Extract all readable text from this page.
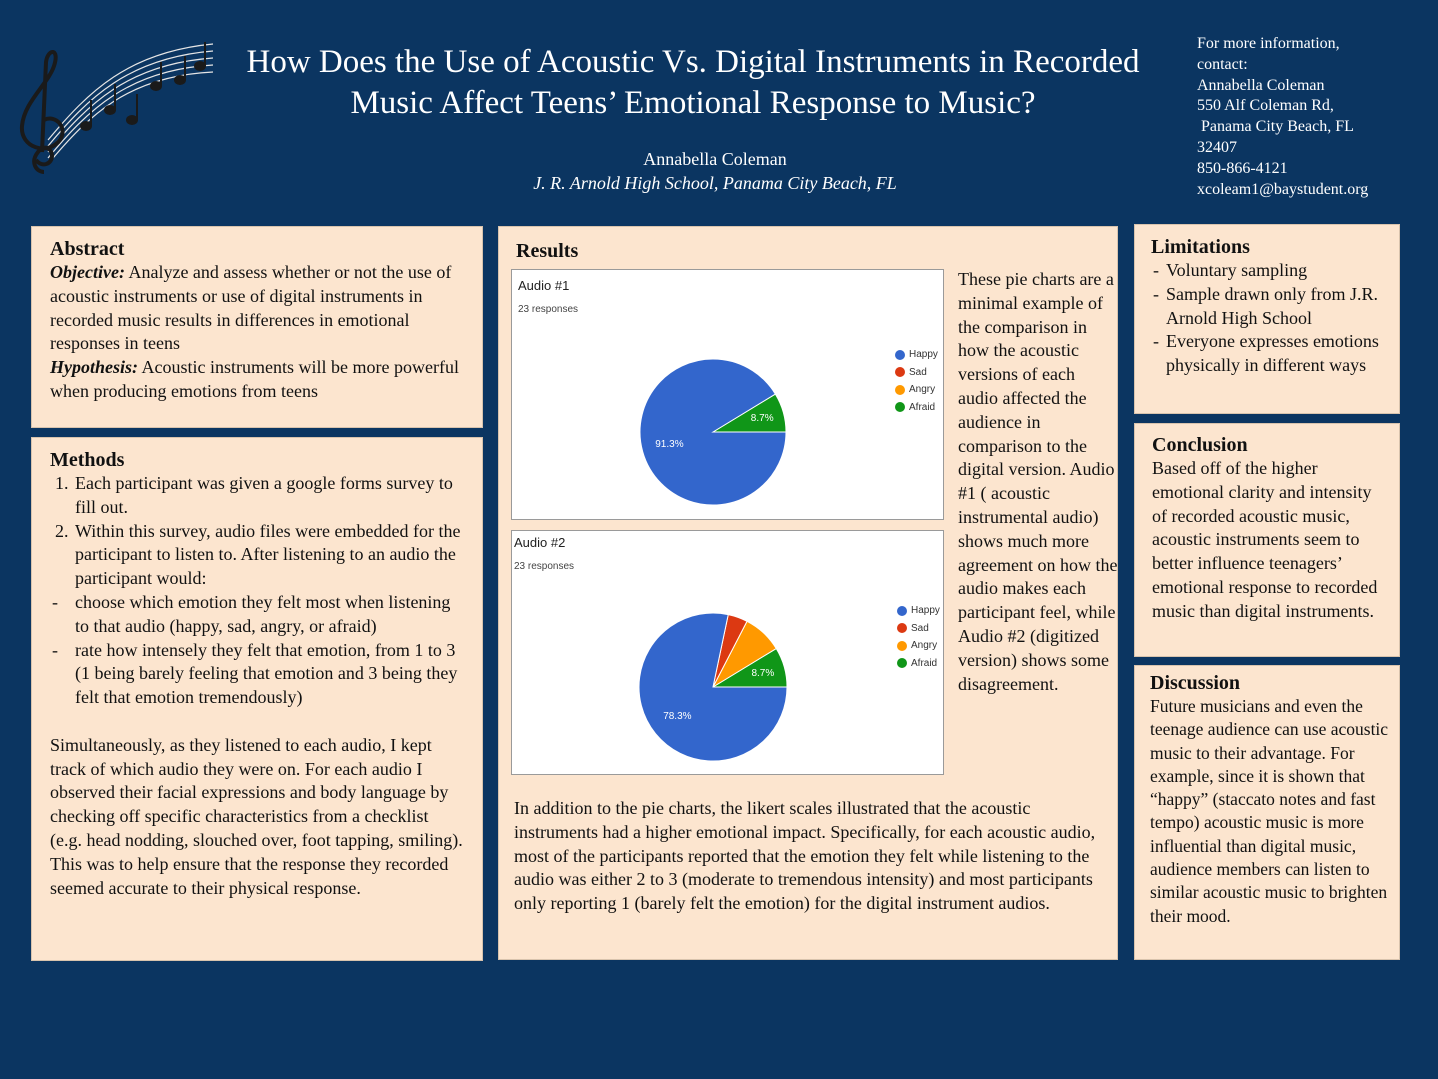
How Does the Use of Acoustic Vs. Digital Instruments in Recorded
Music Affect Teens’ Emotional Response to Music?
Annabella Coleman
J. R. Arnold High School, Panama City Beach, FL
For more information,
contact:
Annabella Coleman
550 Alf Coleman Rd,
Panama City Beach, FL
32407
850-866-4121
xcoleam1@baystudent.org
Abstract
Objective: Analyze and assess whether or not the use of acoustic instruments or use of digital instruments in recorded music results in differences in emotional responses in teens
Hypothesis: Acoustic instruments will be more powerful when producing emotions from teens
Methods
1. Each participant was given a google forms survey to fill out.
2. Within this survey, audio files were embedded for the participant to listen to. After listening to an audio the participant would:
- choose which emotion they felt most when listening to that audio (happy, sad, angry, or afraid)
- rate how intensely they felt that emotion, from 1 to 3 (1 being barely feeling that emotion and 3 being they felt that emotion tremendously)
Simultaneously, as they listened to each audio, I kept track of which audio they were on. For each audio I observed their facial expressions and body language by checking off specific characteristics from a checklist (e.g. head nodding, slouched over, foot tapping, smiling). This was to help ensure that the response they recorded seemed accurate to their physical response.
Results
Audio #1
23 responses
8.7%
91.3%
Happy
Sad
Angry
Afraid
Audio #2
23 responses
8.7%
78.3%
Happy
Sad
Angry
Afraid
These pie charts are a minimal example of the comparison in how the acoustic versions of each audio affected the audience in comparison to the digital version. Audio #1 ( acoustic instrumental audio) shows much more agreement on how the audio makes each participant feel, while Audio #2 (digitized version) shows some disagreement.
In addition to the pie charts, the likert scales illustrated that the acoustic instruments had a higher emotional impact. Specifically, for each acoustic audio, most of the participants reported that the emotion they felt while listening to the audio was either 2 to 3 (moderate to tremendous intensity) and most participants only reporting 1 (barely felt the emotion) for the digital instrument audios.
Limitations
- Voluntary sampling
- Sample drawn only from J.R. Arnold High School
- Everyone expresses emotions physically in different ways
Conclusion
Based off of the higher emotional clarity and intensity of recorded acoustic music, acoustic instruments seem to better influence teenagers’ emotional response to recorded music than digital instruments.
Discussion
Future musicians and even the teenage audience can use acoustic music to their advantage. For example, since it is shown that “happy” (staccato notes and fast tempo) acoustic music is more influential than digital music, audience members can listen to similar acoustic music to brighten their mood.
